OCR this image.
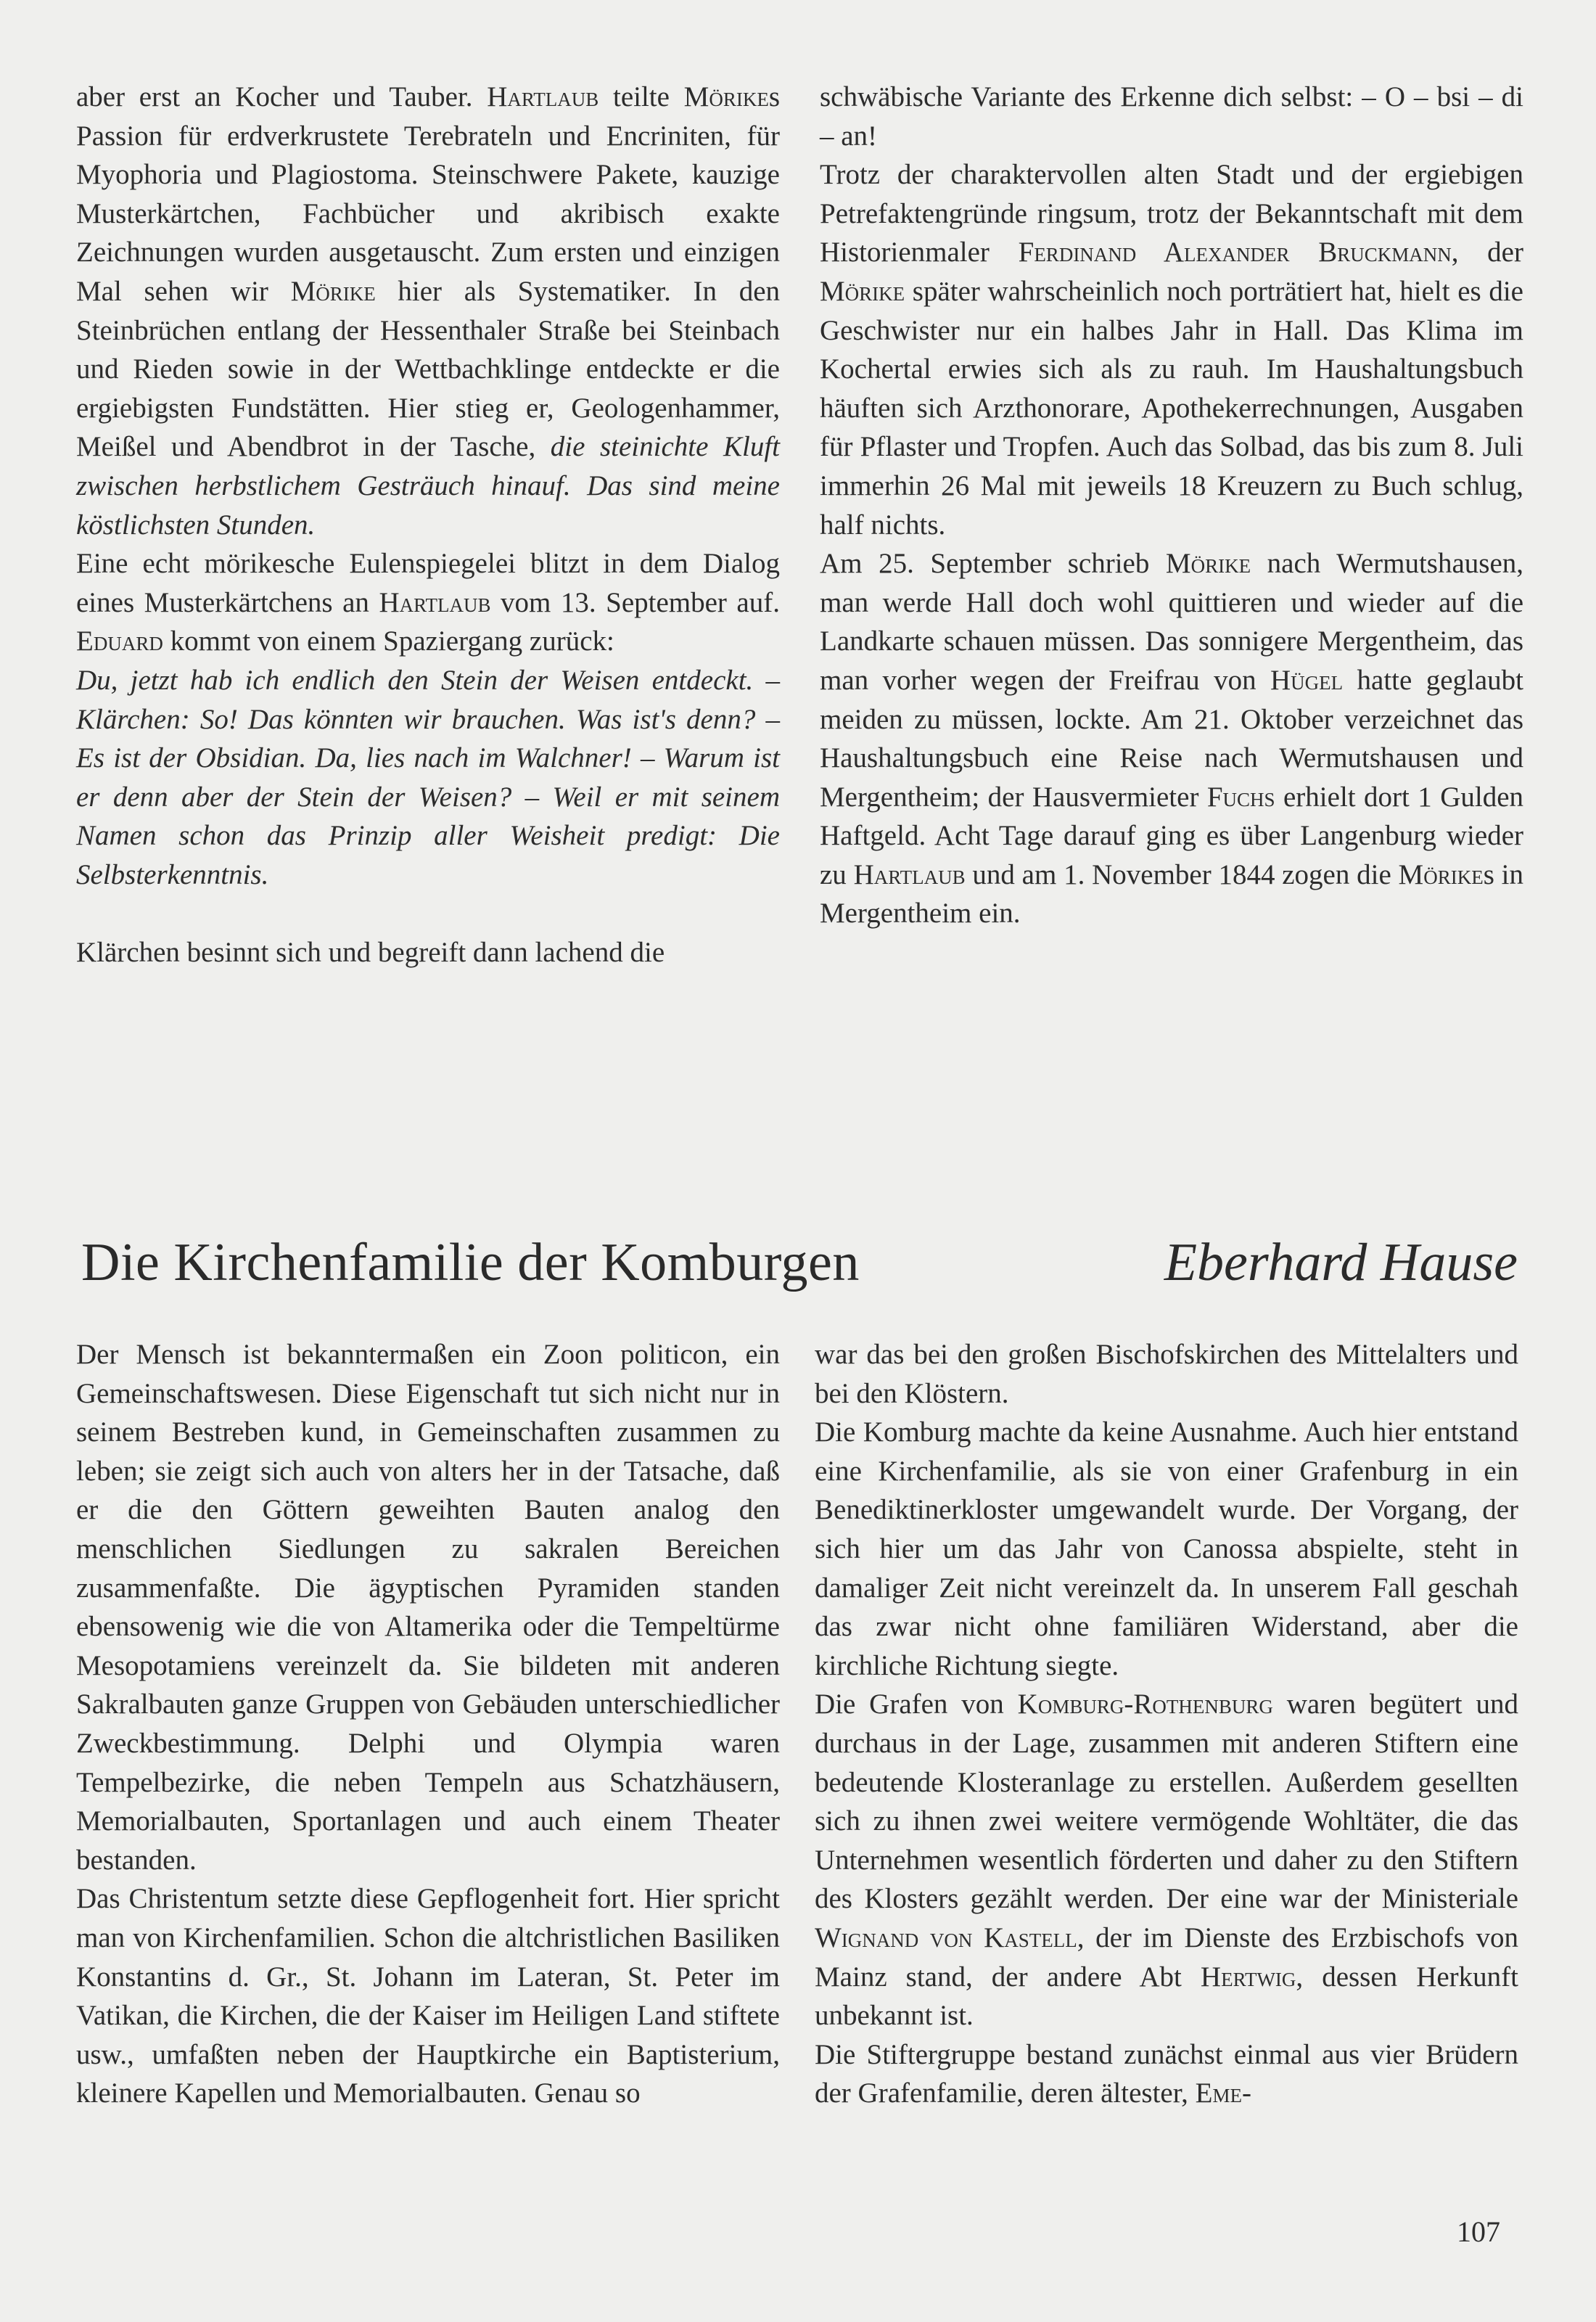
aber erst an Kocher und Tauber. Hartlaub teilte Mörikes Passion für erdverkrustete Terebrateln und Encriniten, für Myophoria und Plagiostoma. Steinschwere Pakete, kauzige Musterkärtchen, Fachbücher und akribisch exakte Zeichnungen wurden ausgetauscht. Zum ersten und einzigen Mal sehen wir Mörike hier als Systematiker. In den Steinbrüchen entlang der Hessenthaler Straße bei Steinbach und Rieden sowie in der Wettbachklinge entdeckte er die ergiebigsten Fundstätten. Hier stieg er, Geologenhammer, Meißel und Abendbrot in der Tasche, die steinichte Kluft zwischen herbstlichem Gesträuch hinauf. Das sind meine köstlichsten Stunden.

Eine echt mörikesche Eulenspiegelei blitzt in dem Dialog eines Musterkärtchens an Hartlaub vom 13. September auf. Eduard kommt von einem Spaziergang zurück:

Du, jetzt hab ich endlich den Stein der Weisen entdeckt. – Klärchen: So! Das könnten wir brauchen. Was ist's denn? – Es ist der Obsidian. Da, lies nach im Walchner! – Warum ist er denn aber der Stein der Weisen? – Weil er mit seinem Namen schon das Prinzip aller Weisheit predigt: Die Selbsterkenntnis.

Klärchen besinnt sich und begreift dann lachend die

schwäbische Variante des Erkenne dich selbst: – O – bsi – di – an!

Trotz der charaktervollen alten Stadt und der ergiebigen Petrefaktengründe ringsum, trotz der Bekanntschaft mit dem Historienmaler Ferdinand Alexander Bruckmann, der Mörike später wahrscheinlich noch porträtiert hat, hielt es die Geschwister nur ein halbes Jahr in Hall. Das Klima im Kochertal erwies sich als zu rauh. Im Haushaltungsbuch häuften sich Arzthonorare, Apothekerrechnungen, Ausgaben für Pflaster und Tropfen. Auch das Solbad, das bis zum 8. Juli immerhin 26 Mal mit jeweils 18 Kreuzern zu Buch schlug, half nichts.

Am 25. September schrieb Mörike nach Wermutshausen, man werde Hall doch wohl quittieren und wieder auf die Landkarte schauen müssen. Das sonnigere Mergentheim, das man vorher wegen der Freifrau von Hügel hatte geglaubt meiden zu müssen, lockte. Am 21. Oktober verzeichnet das Haushaltungsbuch eine Reise nach Wermutshausen und Mergentheim; der Hausvermieter Fuchs erhielt dort 1 Gulden Haftgeld. Acht Tage darauf ging es über Langenburg wieder zu Hartlaub und am 1. November 1844 zogen die Mörikes in Mergentheim ein.

Die Kirchenfamilie der Komburgen	Eberhard Hause

Der Mensch ist bekanntermaßen ein Zoon politicon, ein Gemeinschaftswesen. Diese Eigenschaft tut sich nicht nur in seinem Bestreben kund, in Gemeinschaften zusammen zu leben; sie zeigt sich auch von alters her in der Tatsache, daß er die den Göttern geweihten Bauten analog den menschlichen Siedlungen zu sakralen Bereichen zusammenfaßte. Die ägyptischen Pyramiden standen ebensowenig wie die von Altamerika oder die Tempeltürme Mesopotamiens vereinzelt da. Sie bildeten mit anderen Sakralbauten ganze Gruppen von Gebäuden unterschiedlicher Zweckbestimmung. Delphi und Olympia waren Tempelbezirke, die neben Tempeln aus Schatzhäusern, Memorialbauten, Sportanlagen und auch einem Theater bestanden.

Das Christentum setzte diese Gepflogenheit fort. Hier spricht man von Kirchenfamilien. Schon die altchristlichen Basiliken Konstantins d. Gr., St. Johann im Lateran, St. Peter im Vatikan, die Kirchen, die der Kaiser im Heiligen Land stiftete usw., umfaßten neben der Hauptkirche ein Baptisterium, kleinere Kapellen und Memorialbauten. Genau so

war das bei den großen Bischofskirchen des Mittelalters und bei den Klöstern.

Die Komburg machte da keine Ausnahme. Auch hier entstand eine Kirchenfamilie, als sie von einer Grafenburg in ein Benediktinerkloster umgewandelt wurde. Der Vorgang, der sich hier um das Jahr von Canossa abspielte, steht in damaliger Zeit nicht vereinzelt da. In unserem Fall geschah das zwar nicht ohne familiären Widerstand, aber die kirchliche Richtung siegte.

Die Grafen von Komburg-Rothenburg waren begütert und durchaus in der Lage, zusammen mit anderen Stiftern eine bedeutende Klosteranlage zu erstellen. Außerdem gesellten sich zu ihnen zwei weitere vermögende Wohltäter, die das Unternehmen wesentlich förderten und daher zu den Stiftern des Klosters gezählt werden. Der eine war der Ministeriale Wignand von Kastell, der im Dienste des Erzbischofs von Mainz stand, der andere Abt Hertwig, dessen Herkunft unbekannt ist.

Die Stiftergruppe bestand zunächst einmal aus vier Brüdern der Grafenfamilie, deren ältester, Eme-

107
